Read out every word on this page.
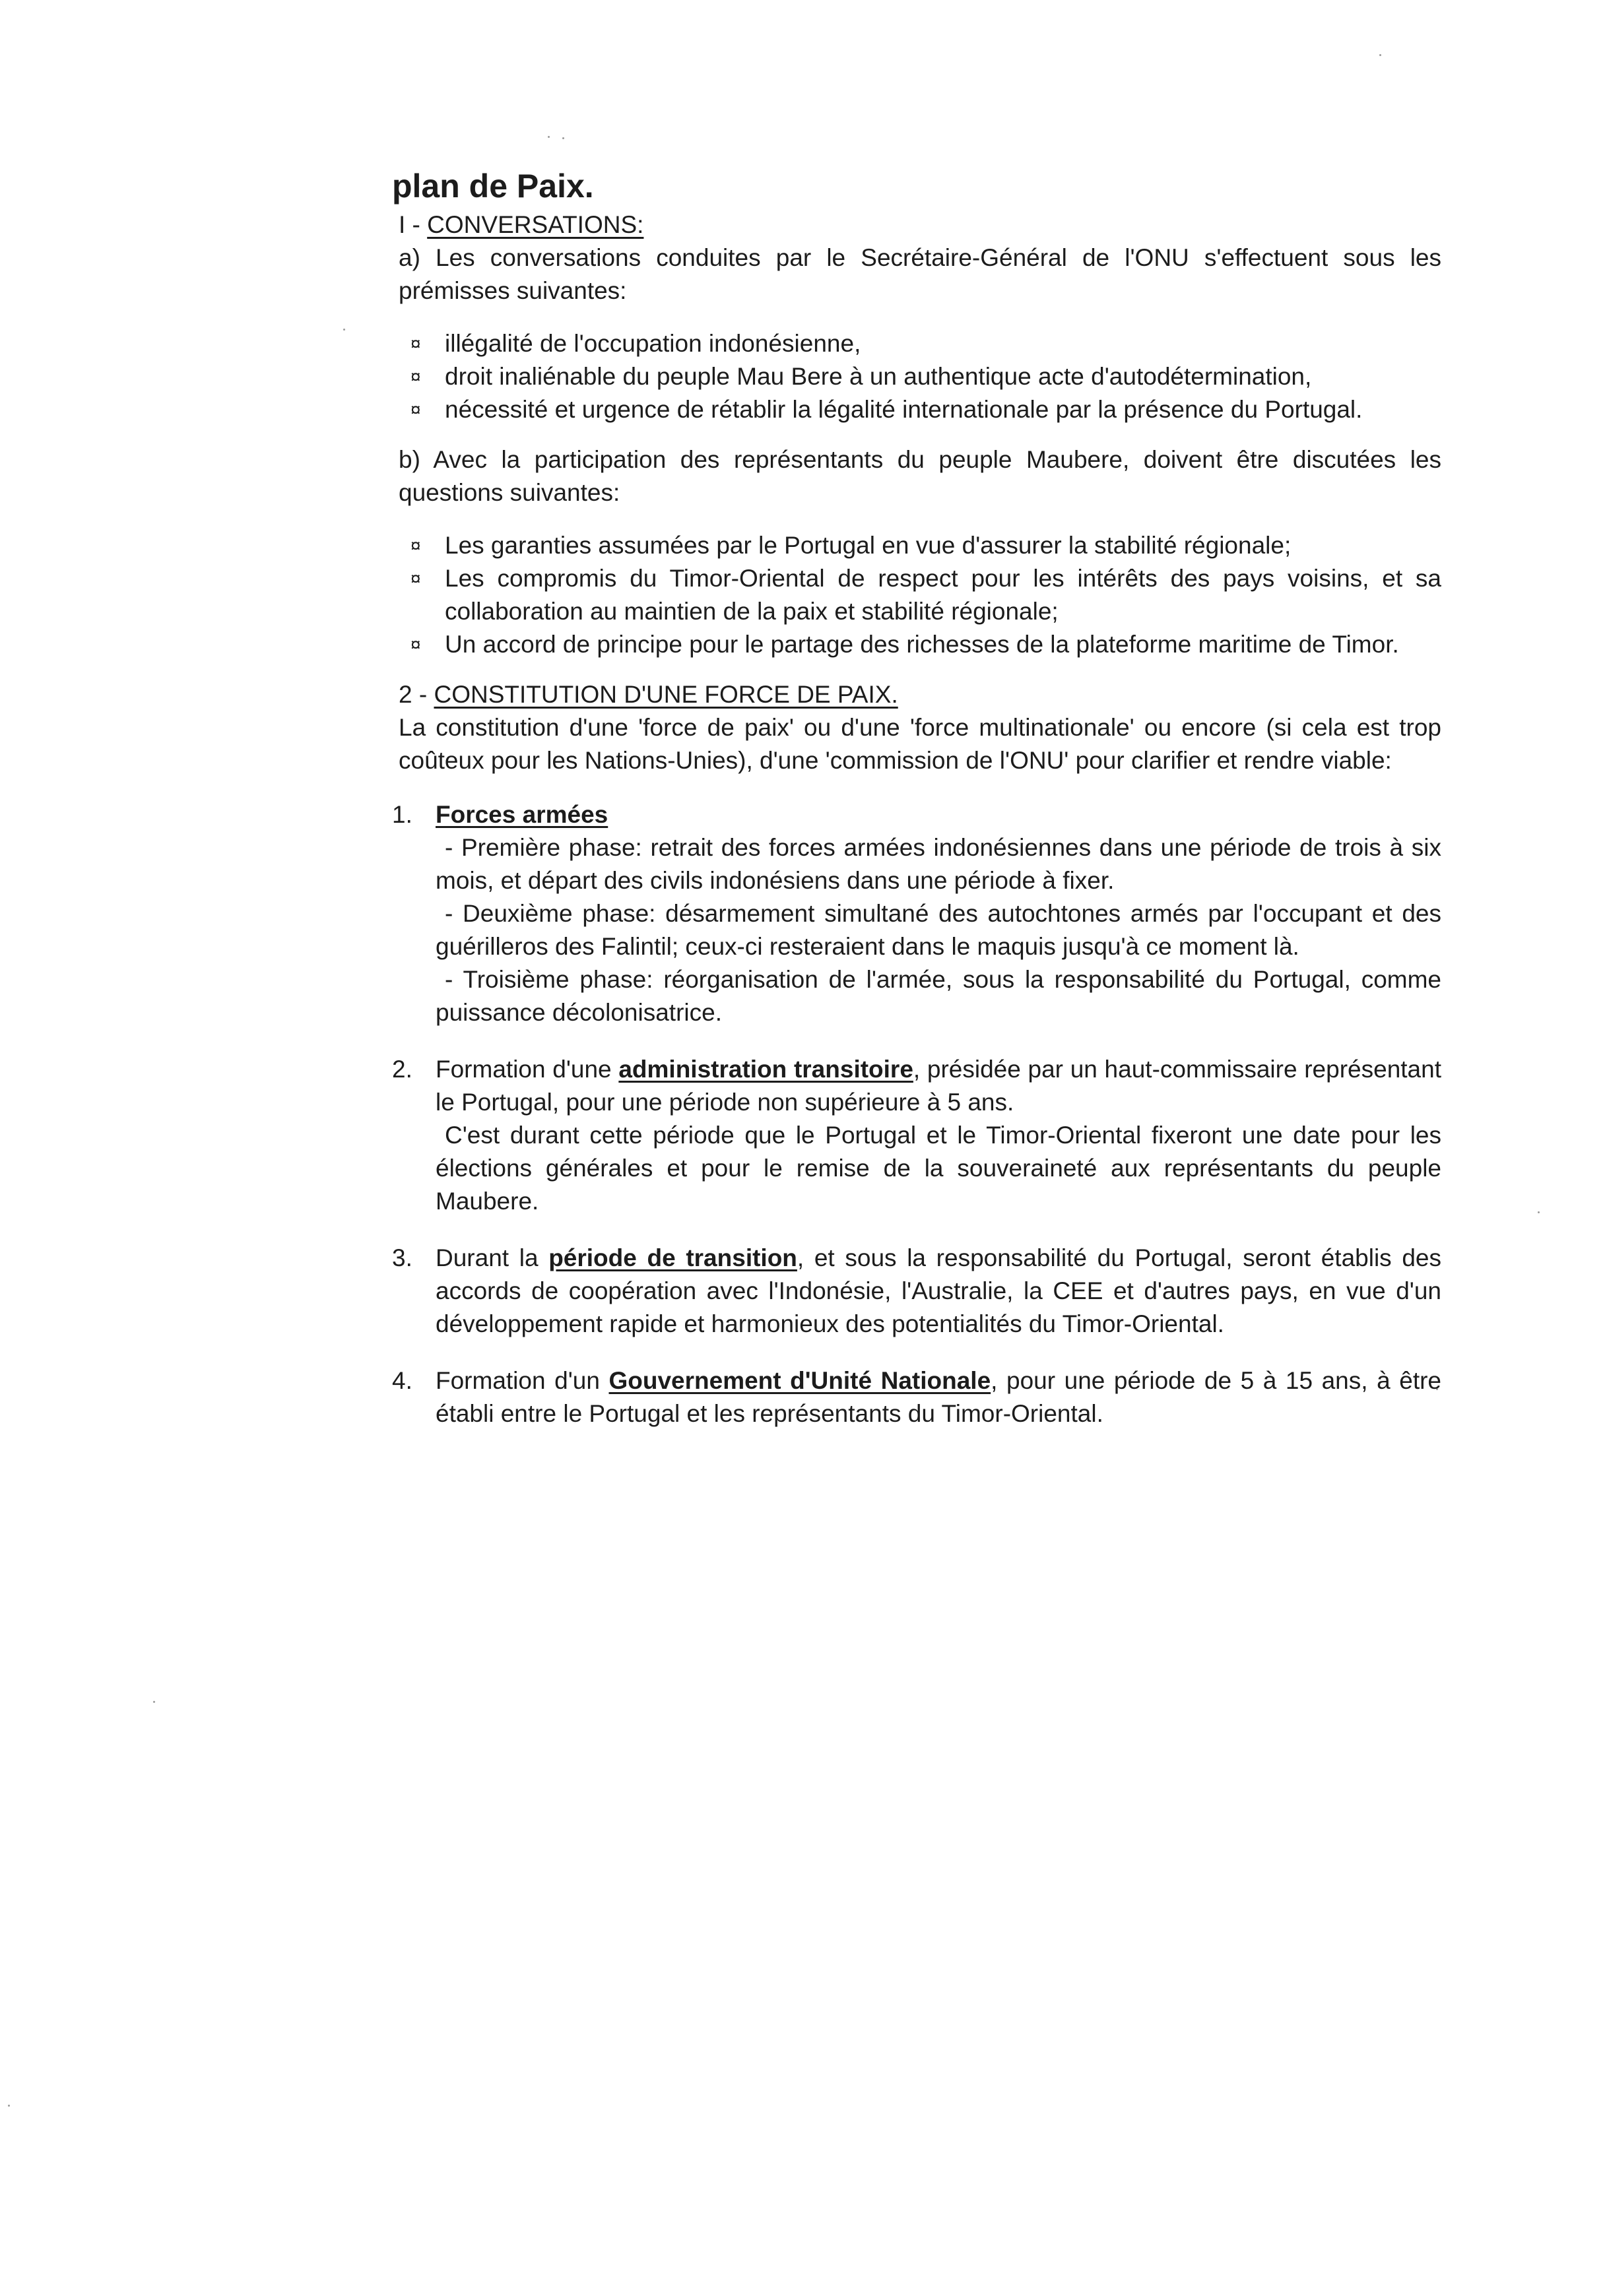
plan de Paix.

I - CONVERSATIONS:

a) Les conversations conduites par le Secrétaire-Général de l'ONU s'effectuent sous les prémisses suivantes:

¤ illégalité de l'occupation indonésienne,
¤ droit inaliénable du peuple Mau Bere à un authentique acte d'autodétermination,
¤ nécessité et urgence de rétablir la légalité internationale par la présence du Portugal.

b) Avec la participation des représentants du peuple Maubere, doivent être discutées les questions suivantes:

¤ Les garanties assumées par le Portugal en vue d'assurer la stabilité régionale;
¤ Les compromis du Timor-Oriental de respect pour les intérêts des pays voisins, et sa collaboration au maintien de la paix et stabilité régionale;
¤ Un accord de principe pour le partage des richesses de la plateforme maritime de Timor.

2 - CONSTITUTION D'UNE FORCE DE PAIX.

La constitution d'une 'force de paix' ou d'une 'force multinationale' ou encore (si cela est trop coûteux pour les Nations-Unies), d'une 'commission de l'ONU' pour clarifier et rendre viable:

1. Forces armées

- Première phase: retrait des forces armées indonésiennes dans une période de trois à six mois, et départ des civils indonésiens dans une période à fixer.

- Deuxième phase: désarmement simultané des autochtones armés par l'occupant et des guérilleros des Falintil; ceux-ci resteraient dans le maquis jusqu'à ce moment là.

- Troisième phase: réorganisation de l'armée, sous la responsabilité du Portugal, comme puissance décolonisatrice.

2. Formation d'une administration transitoire, présidée par un haut-commissaire représentant le Portugal, pour une période non supérieure à 5 ans.

C'est durant cette période que le Portugal et le Timor-Oriental fixeront une date pour les élections générales et pour le remise de la souveraineté aux représentants du peuple Maubere.

3. Durant la période de transition, et sous la responsabilité du Portugal, seront établis des accords de coopération avec l'Indonésie, l'Australie, la CEE et d'autres pays, en vue d'un développement rapide et harmonieux des potentialités du Timor-Oriental.

4. Formation d'un Gouvernement d'Unité Nationale, pour une période de 5 à 15 ans, à être établi entre le Portugal et les représentants du Timor-Oriental.
